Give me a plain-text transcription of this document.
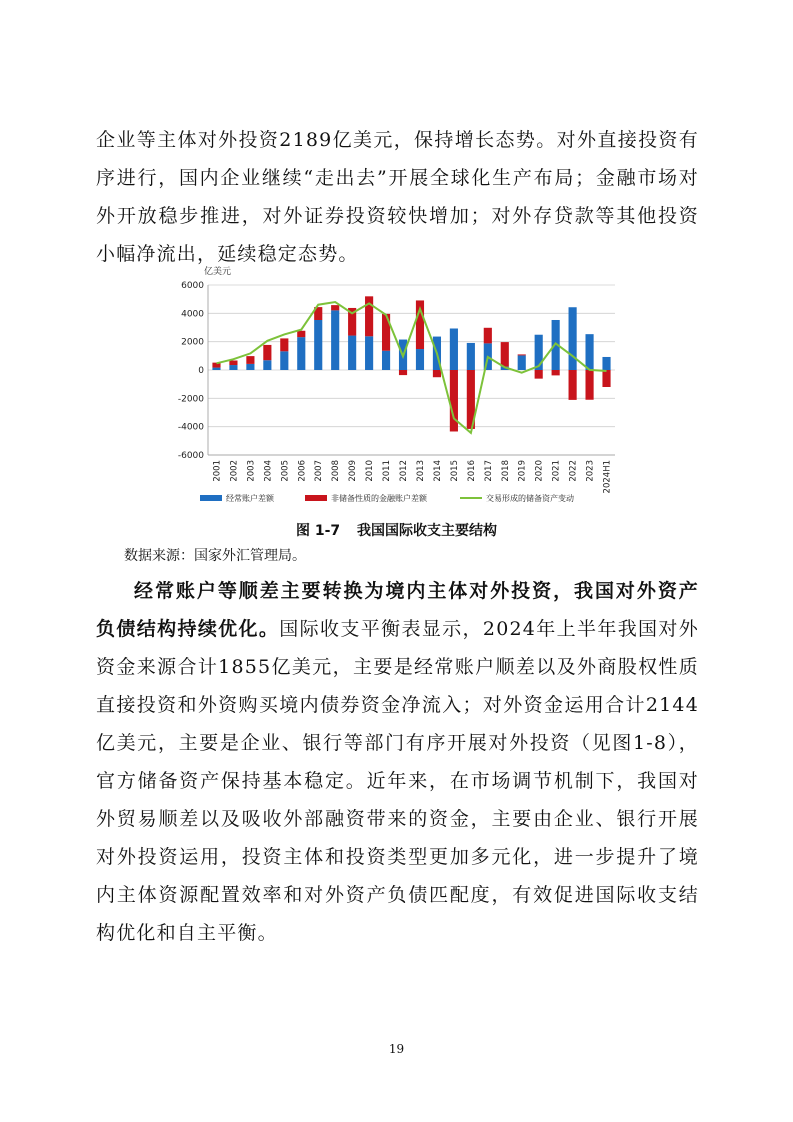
企业等主体对外投资2189亿美元，保持增长态势。对外直接投资有序进行，国内企业继续“走出去”开展全球化生产布局；金融市场对外开放稳步推进，对外证券投资较快增加；对外存贷款等其他投资小幅净流出，延续稳定态势。

亿美元
6000
4000
2000
0
-2000
-4000
-6000
2001 2002 2003 2004 2005 2006 2007 2008 2009 2010 2011 2012 2013 2014 2015 2016 2017 2018 2019 2020 2021 2022 2023 2024H1
经常账户差额	非储备性质的金融账户差额	交易形成的储备资产变动
图 1-7 我国国际收支主要结构
数据来源：国家外汇管理局。

经常账户等顺差主要转换为境内主体对外投资，我国对外资产负债结构持续优化。国际收支平衡表显示，2024年上半年我国对外资金来源合计1855亿美元，主要是经常账户顺差以及外商股权性质直接投资和外资购买境内债券资金净流入；对外资金运用合计2144亿美元，主要是企业、银行等部门有序开展对外投资（见图1-8），官方储备资产保持基本稳定。近年来，在市场调节机制下，我国对外贸易顺差以及吸收外部融资带来的资金，主要由企业、银行开展对外投资运用，投资主体和投资类型更加多元化，进一步提升了境内主体资源配置效率和对外资产负债匹配度，有效促进国际收支结构优化和自主平衡。

19
